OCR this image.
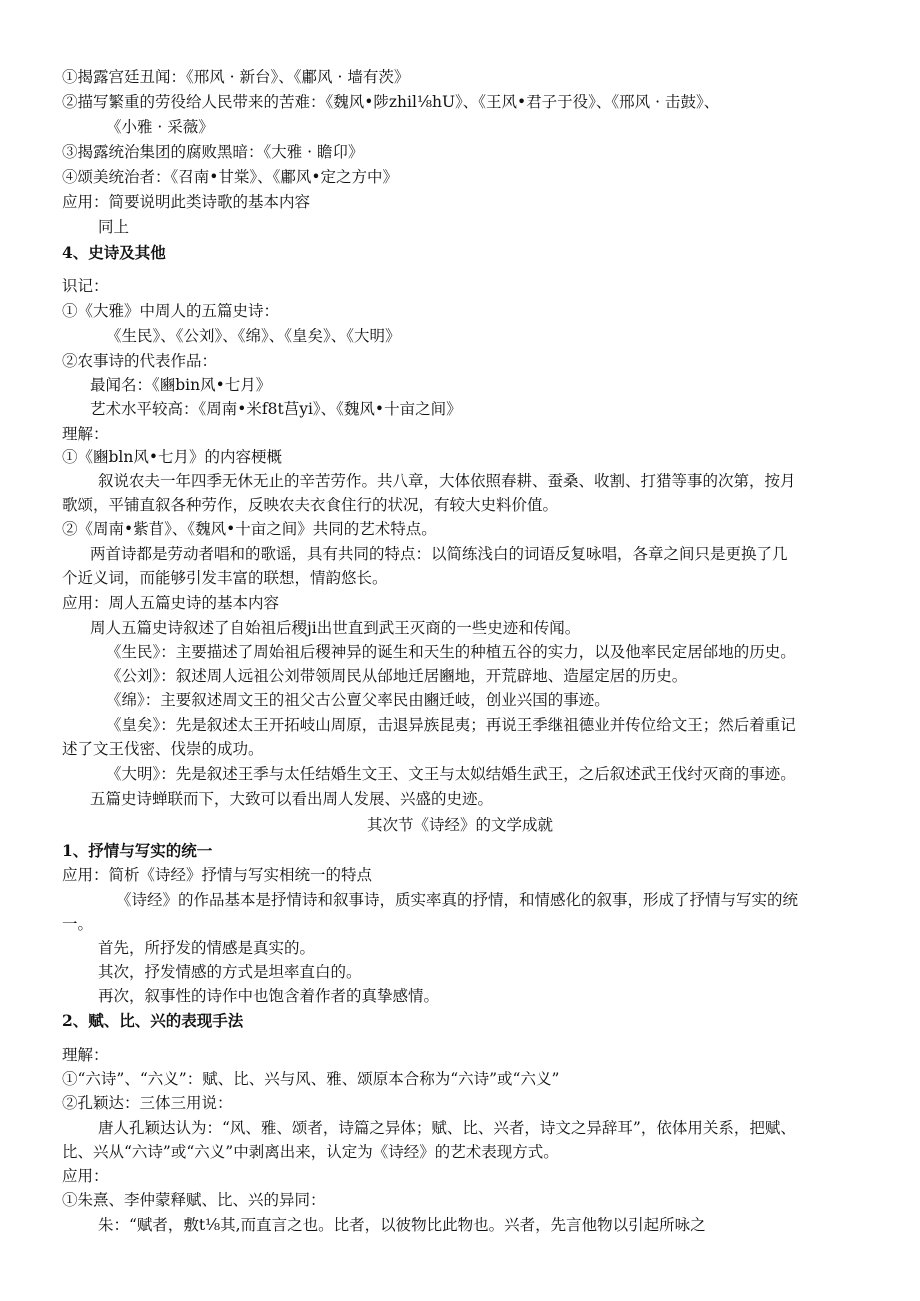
①揭露宫廷丑闻：《邢风 · 新台》、《鄘风 · 墙有茨》
②描写繁重的劳役给人民带来的苦难：《魏风•陟zhil⅛hU》、《王风•君子于役》、《邢风 · 击鼓》、
《小雅 · 采薇》
③揭露统治集团的腐败黑暗：《大雅 · 瞻卬》
④颂美统治者：《召南•甘棠》、《鄘风•定之方中》
应用：简要说明此类诗歌的基本内容
同上
4、史诗及其他
识记：
①《大雅》中周人的五篇史诗：
《生民》、《公刘》、《绵》、《皇矣》、《大明》
②农事诗的代表作品：
最闻名：《豳bin风•七月》
艺术水平较高：《周南•米f8t莒yi》、《魏风•十亩之间》
理解：
①《豳bln风•七月》的内容梗概
叙说农夫一年四季无休无止的辛苦劳作。共八章，大体依照春耕、蚕桑、收割、打猎等事的次第，按月
歌颂，平铺直叙各种劳作，反映农夫衣食住行的状况，有较大史料价值。
②《周南•紫苜》、《魏风•十亩之间》共同的艺术特点。
两首诗都是劳动者唱和的歌谣，具有共同的特点：以简练浅白的词语反复咏唱，各章之间只是更换了几
个近义词，而能够引发丰富的联想，情韵悠长。
应用：周人五篇史诗的基本内容
周人五篇史诗叙述了自始祖后稷ji出世直到武王灭商的一些史迹和传闻。
《生民》：主要描述了周始祖后稷神异的诞生和天生的种植五谷的实力，以及他率民定居邰地的历史。
《公刘》：叙述周人远祖公刘带领周民从邰地迁居豳地，开荒辟地、造屋定居的历史。
《绵》：主要叙述周文王的祖父古公亶父率民由豳迁岐，创业兴国的事迹。
《皇矣》：先是叙述太王开拓岐山周原，击退异族昆夷；再说王季继祖德业并传位给文王；然后着重记
述了文王伐密、伐崇的成功。
《大明》：先是叙述王季与太任结婚生文王、文王与太姒结婚生武王，之后叙述武王伐纣灭商的事迹。
五篇史诗蝉联而下，大致可以看出周人发展、兴盛的史迹。
其次节《诗经》的文学成就
1、抒情与写实的统一
应用：简析《诗经》抒情与写实相统一的特点
《诗经》的作品基本是抒情诗和叙事诗，质实率真的抒情，和情感化的叙事，形成了抒情与写实的统
一。
首先，所抒发的情感是真实的。
其次，抒发情感的方式是坦率直白的。
再次，叙事性的诗作中也饱含着作者的真挚感情。
2、赋、比、兴的表现手法
理解：
①“六诗”、“六义”：赋、比、兴与风、雅、颂原本合称为“六诗”或“六义”
②孔颖达：三体三用说：
唐人孔颖达认为：“风、雅、颂者，诗篇之异体；赋、比、兴者，诗文之异辞耳”，依体用关系，把赋、
比、兴从“六诗”或“六义”中剥离出来，认定为《诗经》的艺术表现方式。
应用：
①朱熹、李仲蒙释赋、比、兴的异同：
朱：“赋者，敷t⅛其,而直言之也。比者，以彼物比此物也。兴者，先言他物以引起所咏之
